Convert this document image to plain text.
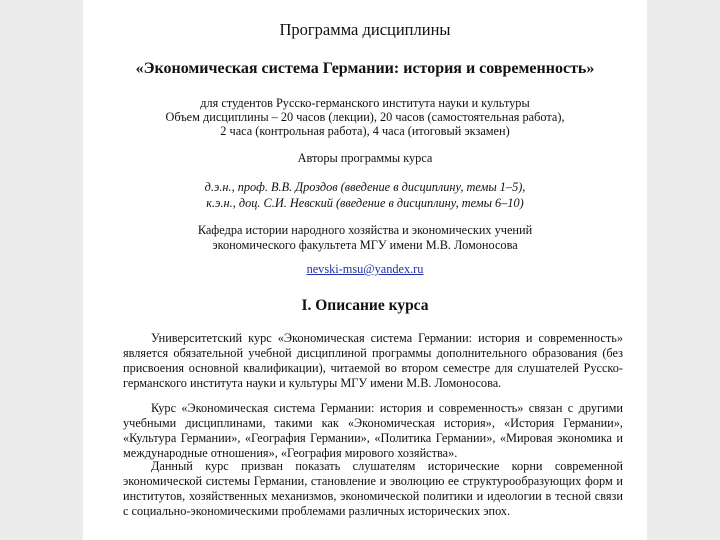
Программа дисциплины
«Экономическая система Германии: история и современность»
для студентов Русско-германского института науки и культуры
Объем дисциплины – 20 часов (лекции), 20 часов (самостоятельная работа),
2 часа (контрольная работа), 4 часа (итоговый экзамен)
Авторы программы курса
д.э.н., проф. В.В. Дроздов (введение в дисциплину, темы 1–5),
к.э.н., доц. С.И. Невский (введение в дисциплину, темы 6–10)
Кафедра истории народного хозяйства и экономических учений
экономического факультета МГУ имени М.В. Ломоносова
nevski-msu@yandex.ru
I. Описание курса

Университетский курс «Экономическая система Германии: история и современность» является обязательной учебной дисциплиной программы дополнительного образования (без присвоения основной квалификации), читаемой во втором семестре для слушателей Русско-германского института науки и культуры МГУ имени М.В. Ломоносова.

Курс «Экономическая система Германии: история и современность» связан с другими учебными дисциплинами, такими как «Экономическая история», «История Германии», «Культура Германии», «География Германии», «Политика Германии», «Мировая экономика и международные отношения», «География мирового хозяйства».

Данный курс призван показать слушателям исторические корни современной экономической системы Германии, становление и эволюцию ее структурообразующих форм и институтов, хозяйственных механизмов, экономической политики и идеологии в тесной связи с социально-экономическими проблемами различных исторических эпох.
